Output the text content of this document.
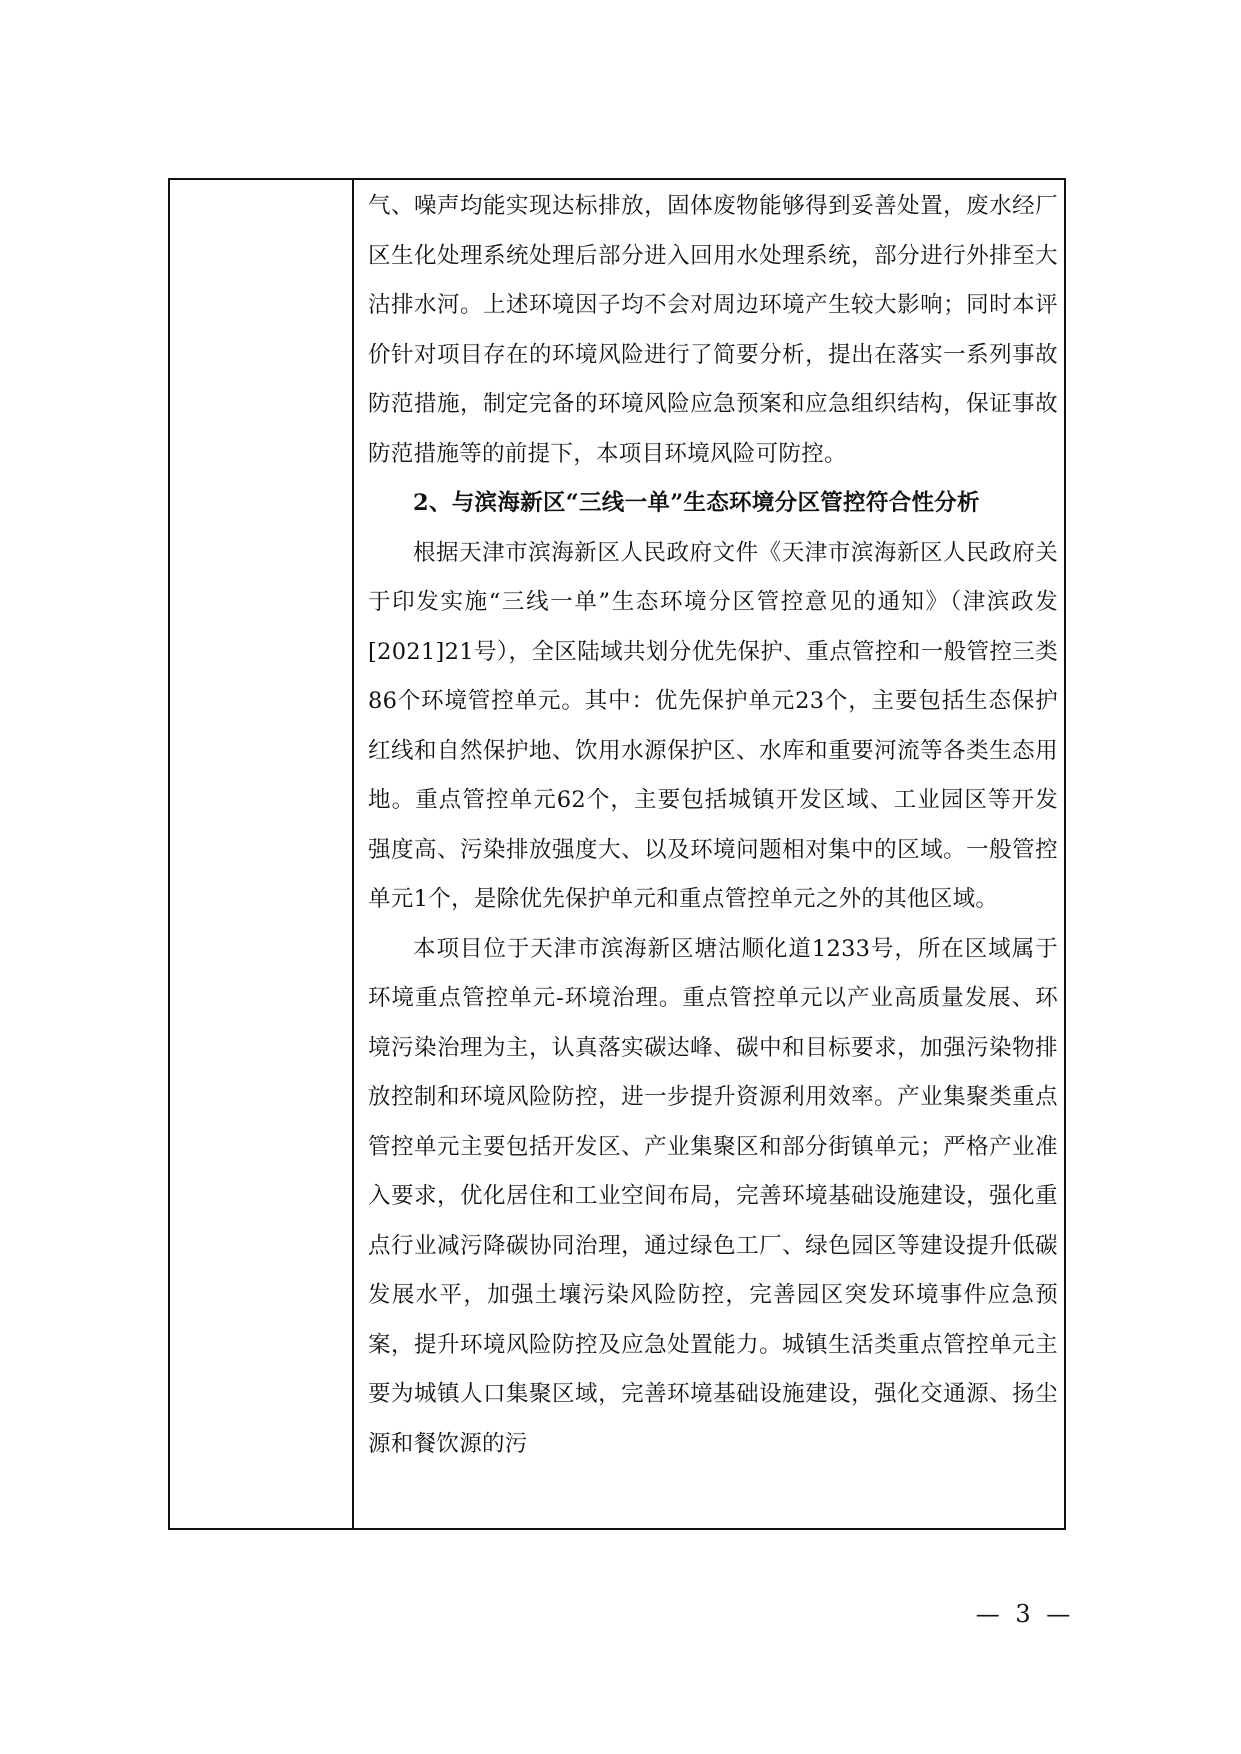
气、噪声均能实现达标排放，固体废物能够得到妥善处置，废水经厂区生化处理系统处理后部分进入回用水处理系统，部分进行外排至大沽排水河。上述环境因子均不会对周边环境产生较大影响；同时本评价针对项目存在的环境风险进行了简要分析，提出在落实一系列事故防范措施，制定完备的环境风险应急预案和应急组织结构，保证事故防范措施等的前提下，本项目环境风险可防控。

2、与滨海新区“三线一单”生态环境分区管控符合性分析

根据天津市滨海新区人民政府文件《天津市滨海新区人民政府关于印发实施“三线一单”生态环境分区管控意见的通知》（津滨政发[2021]21号），全区陆域共划分优先保护、重点管控和一般管控三类86个环境管控单元。其中：优先保护单元23个，主要包括生态保护红线和自然保护地、饮用水源保护区、水库和重要河流等各类生态用地。重点管控单元62个，主要包括城镇开发区域、工业园区等开发强度高、污染排放强度大、以及环境问题相对集中的区域。一般管控单元1个，是除优先保护单元和重点管控单元之外的其他区域。

本项目位于天津市滨海新区塘沽顺化道1233号，所在区域属于环境重点管控单元-环境治理。重点管控单元以产业高质量发展、环境污染治理为主，认真落实碳达峰、碳中和目标要求，加强污染物排放控制和环境风险防控，进一步提升资源利用效率。产业集聚类重点管控单元主要包括开发区、产业集聚区和部分街镇单元；严格产业准入要求，优化居住和工业空间布局，完善环境基础设施建设，强化重点行业减污降碳协同治理，通过绿色工厂、绿色园区等建设提升低碳发展水平，加强土壤污染风险防控，完善园区突发环境事件应急预案，提升环境风险防控及应急处置能力。城镇生活类重点管控单元主要为城镇人口集聚区域，完善环境基础设施建设，强化交通源、扬尘源和餐饮源的污

— 3 —
